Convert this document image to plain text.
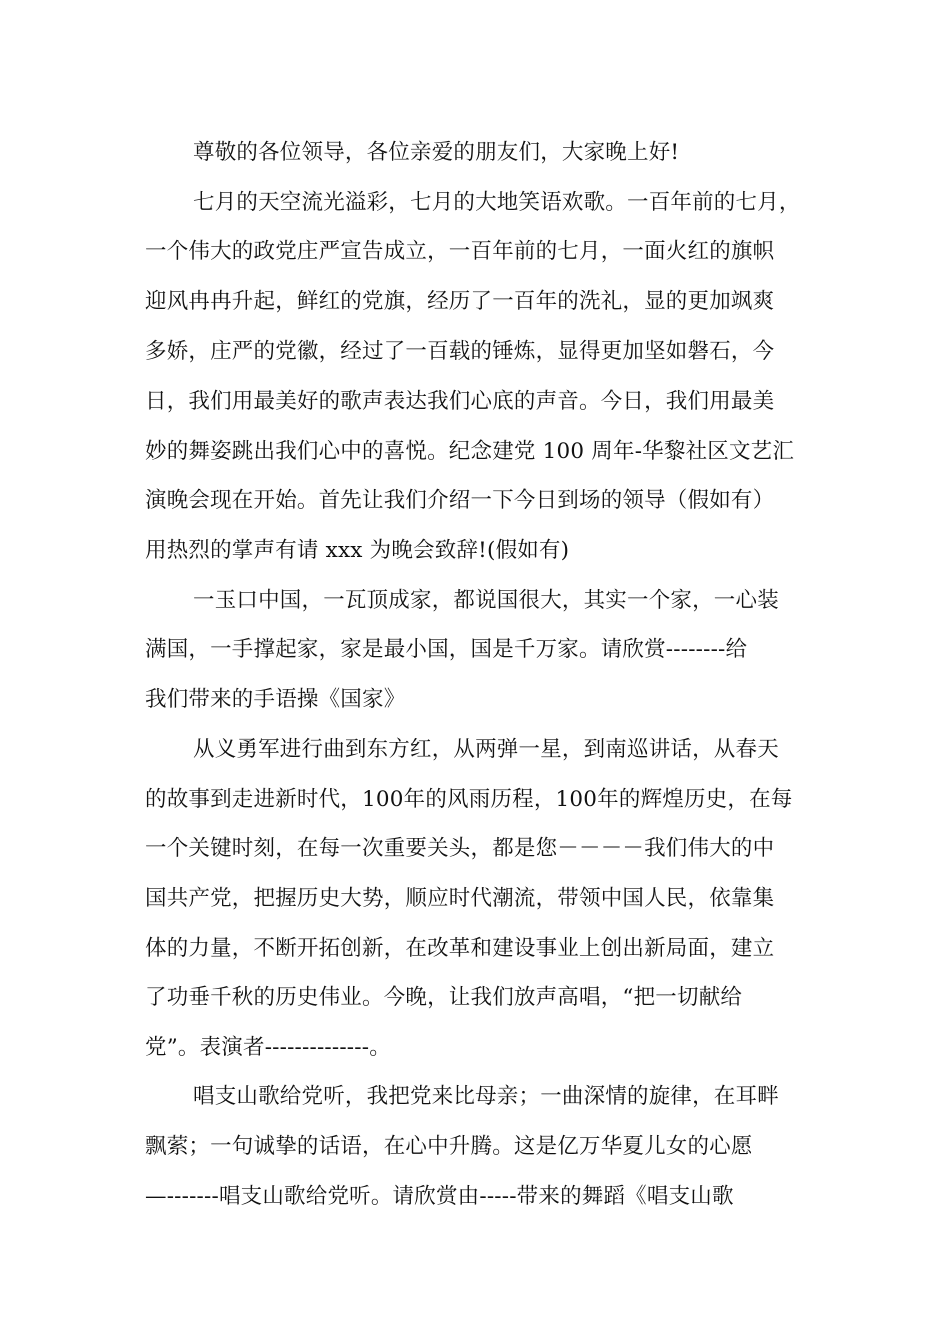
尊敬的各位领导，各位亲爱的朋友们，大家晚上好!
七月的天空流光溢彩，七月的大地笑语欢歌。一百年前的七月，
一个伟大的政党庄严宣告成立，一百年前的七月，一面火红的旗帜
迎风冉冉升起，鲜红的党旗，经历了一百年的洗礼，显的更加飒爽
多娇，庄严的党徽，经过了一百载的锤炼，显得更加坚如磐石，今
日，我们用最美好的歌声表达我们心底的声音。今日，我们用最美
妙的舞姿跳出我们心中的喜悦。纪念建党 100 周年-华黎社区文艺汇
演晚会现在开始。首先让我们介绍一下今日到场的领导（假如有）
用热烈的掌声有请 xxx 为晚会致辞!(假如有)
一玉口中国，一瓦顶成家，都说国很大，其实一个家，一心装
满国，一手撑起家，家是最小国，国是千万家。请欣赏--------给
我们带来的手语操《国家》
从义勇军进行曲到东方红，从两弹一星，到南巡讲话，从春天
的故事到走进新时代，100年的风雨历程，100年的辉煌历史，在每
一个关键时刻，在每一次重要关头，都是您－－－－我们伟大的中
国共产党，把握历史大势，顺应时代潮流，带领中国人民，依靠集
体的力量，不断开拓创新，在改革和建设事业上创出新局面，建立
了功垂千秋的历史伟业。今晚，让我们放声高唱，“把一切献给
党”。表演者--------------。
唱支山歌给党听，我把党来比母亲；一曲深情的旋律，在耳畔
飘萦；一句诚挚的话语，在心中升腾。这是亿万华夏儿女的心愿
—-------唱支山歌给党听。请欣赏由-----带来的舞蹈《唱支山歌
